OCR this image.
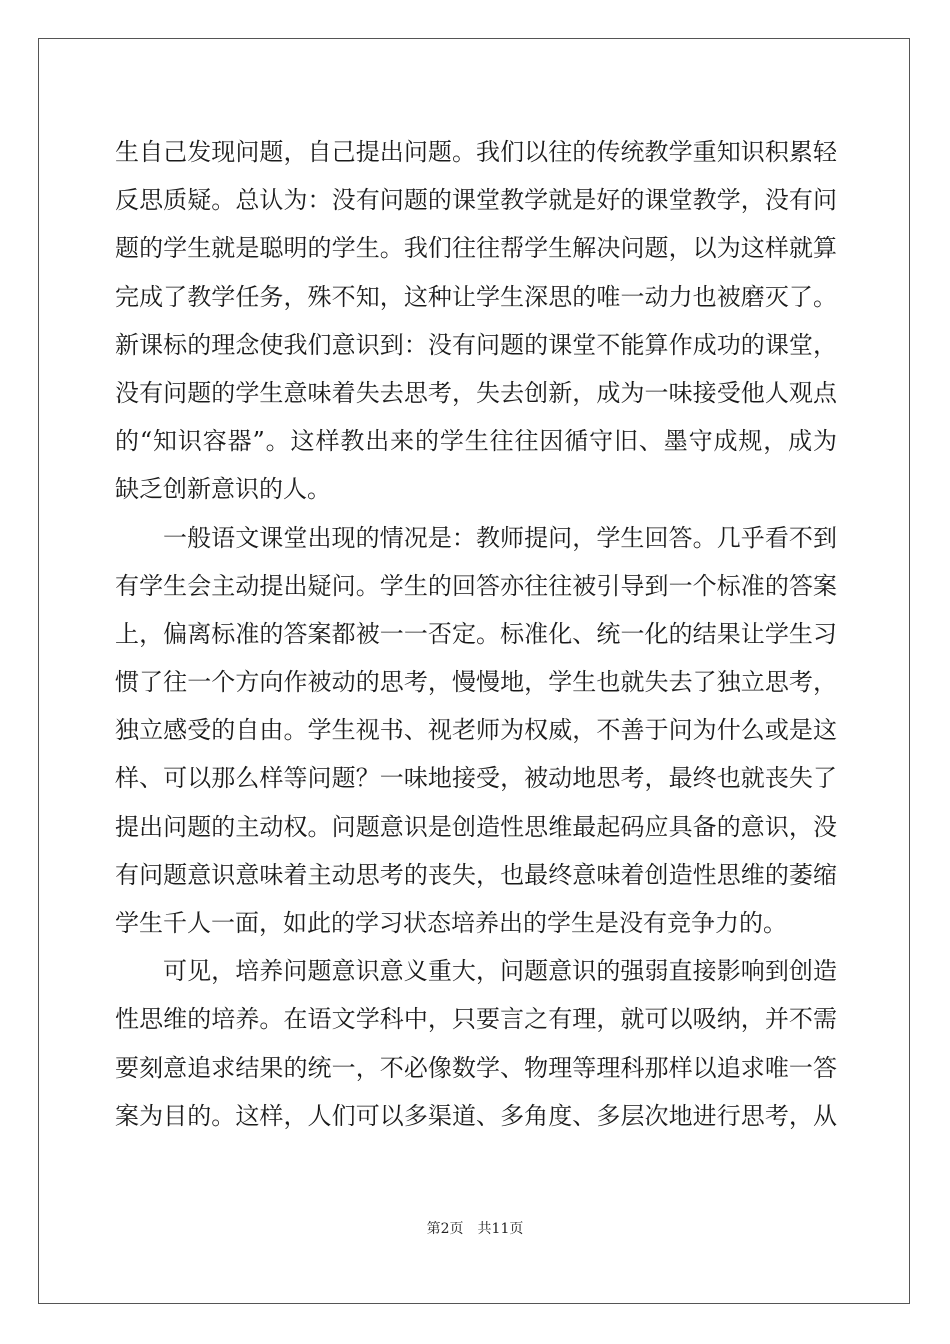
生自己发现问题，自己提出问题。我们以往的传统教学重知识积累轻
反思质疑。总认为：没有问题的课堂教学就是好的课堂教学，没有问
题的学生就是聪明的学生。我们往往帮学生解决问题，以为这样就算
完成了教学任务，殊不知，这种让学生深思的唯一动力也被磨灭了。
新课标的理念使我们意识到：没有问题的课堂不能算作成功的课堂，
没有问题的学生意味着失去思考，失去创新，成为一味接受他人观点
的“知识容器”。这样教出来的学生往往因循守旧、墨守成规，成为
缺乏创新意识的人。
一般语文课堂出现的情况是：教师提问，学生回答。几乎看不到
有学生会主动提出疑问。学生的回答亦往往被引导到一个标准的答案
上，偏离标准的答案都被一一否定。标准化、统一化的结果让学生习
惯了往一个方向作被动的思考，慢慢地，学生也就失去了独立思考，
独立感受的自由。学生视书、视老师为权威，不善于问为什么或是这
样、可以那么样等问题？一味地接受，被动地思考，最终也就丧失了
提出问题的主动权。问题意识是创造性思维最起码应具备的意识，没
有问题意识意味着主动思考的丧失，也最终意味着创造性思维的萎缩
学生千人一面，如此的学习状态培养出的学生是没有竞争力的。
可见，培养问题意识意义重大，问题意识的强弱直接影响到创造
性思维的培养。在语文学科中，只要言之有理，就可以吸纳，并不需
要刻意追求结果的统一，不必像数学、物理等理科那样以追求唯一答
案为目的。这样，人们可以多渠道、多角度、多层次地进行思考，从
第2页 共11页
